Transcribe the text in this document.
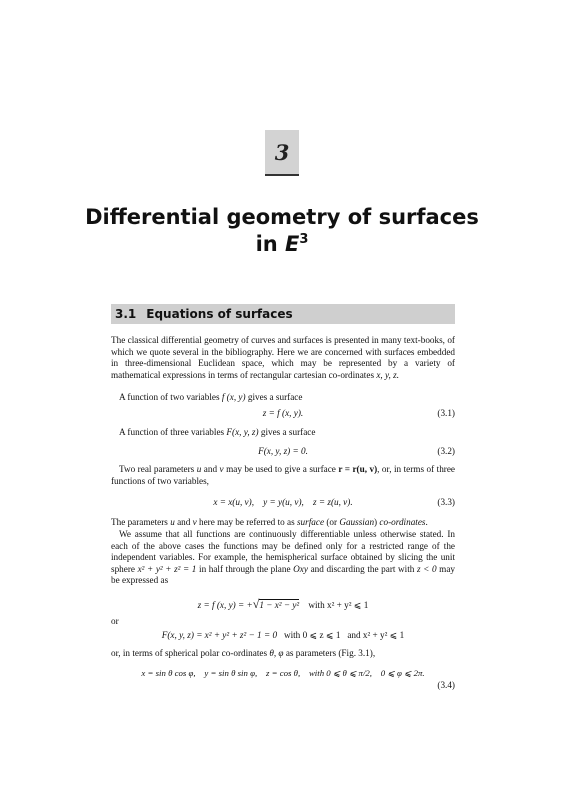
3
Differential geometry of surfaces
in $E^3$
3.1 Equations of surfaces
The classical differential geometry of curves and surfaces is presented in many text-books, of which we quote several in the bibliography. Here we are concerned with surfaces embedded in three-dimensional Euclidean space, which may be represented by a variety of mathematical expressions in terms of rectangular cartesian co-ordinates x, y, z.
A function of two variables f (x, y) gives a surface
z = f (x, y).	(3.1)
A function of three variables F(x, y, z) gives a surface
F(x, y, z) = 0.	(3.2)
Two real parameters u and v may be used to give a surface r = r(u, v), or, in terms of three functions of two variables,
x = x(u, v),    y = y(u, v),    z = z(u, v).	(3.3)
The parameters u and v here may be referred to as surface (or Gaussian) co-ordinates.
We assume that all functions are continuously differentiable unless otherwise stated. In each of the above cases the functions may be defined only for a restricted range of the independent variables. For example, the hemispherical surface obtained by slicing the unit sphere x² + y² + z² = 1 in half through the plane Oxy and discarding the part with z < 0 may be expressed as
z = f (x, y) = +√1 − x² − y² with x² + y² ⩽ 1
or
F(x, y, z) = x² + y² + z² − 1 = 0 with 0 ⩽ z ⩽ 1 and x² + y² ⩽ 1
or, in terms of spherical polar co-ordinates θ, φ as parameters (Fig. 3.1),
x = sin θ cos φ,    y = sin θ sin φ,    z = cos θ,    with 0 ⩽ θ ⩽ π/2,    0 ⩽ φ ⩽ 2π.
(3.4)
